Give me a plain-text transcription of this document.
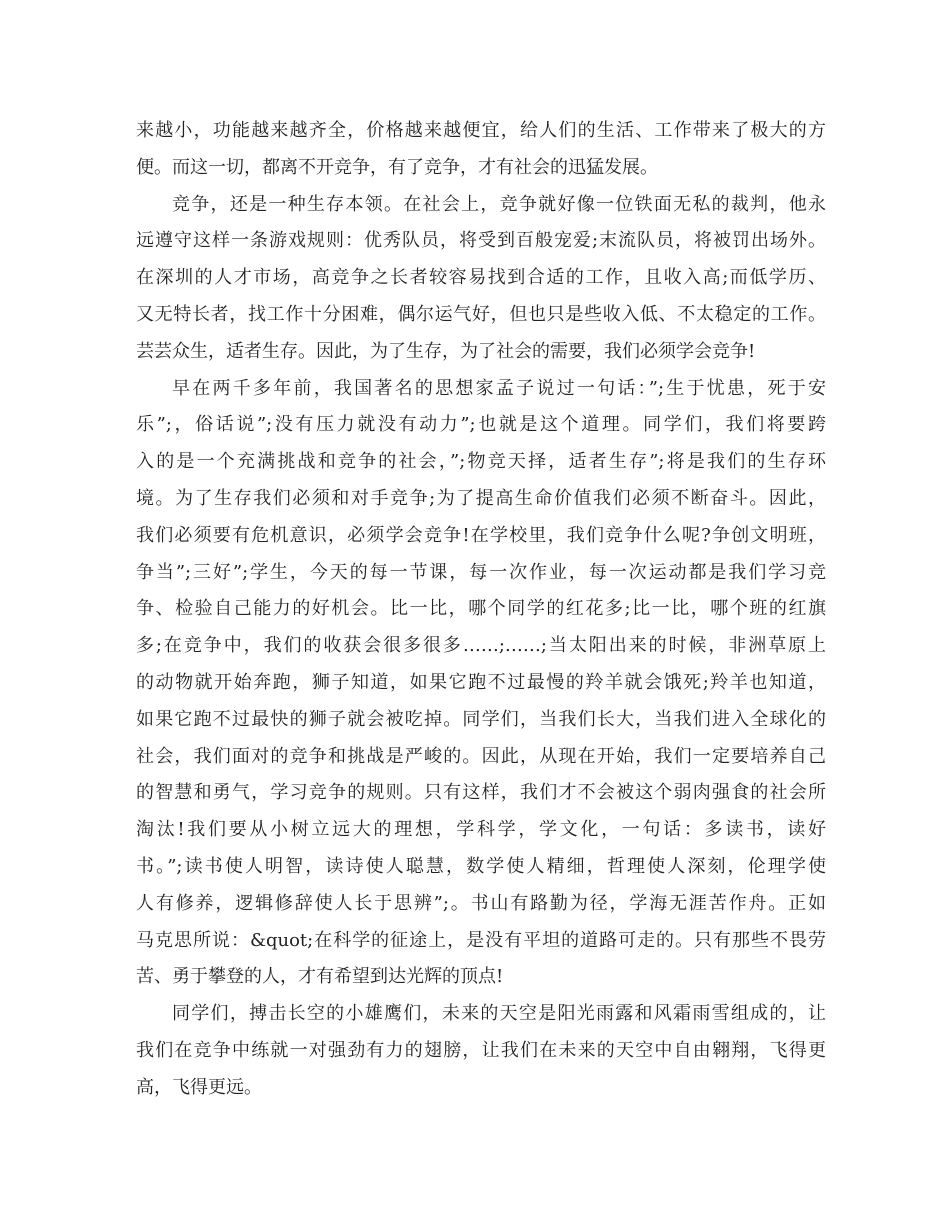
来越小，功能越来越齐全，价格越来越便宜，给人们的生活、工作带来了极大的方
便。而这一切，都离不开竞争，有了竞争，才有社会的迅猛发展。
竞争，还是一种生存本领。在社会上，竞争就好像一位铁面无私的裁判，他永
远遵守这样一条游戏规则：优秀队员，将受到百般宠爱;末流队员，将被罚出场外。
在深圳的人才市场，高竞争之长者较容易找到合适的工作，且收入高;而低学历、
又无特长者，找工作十分困难，偶尔运气好，但也只是些收入低、不太稳定的工作。
芸芸众生，适者生存。因此，为了生存，为了社会的需要，我们必须学会竞争!
早在两千多年前，我国著名的思想家孟子说过一句话：”;生于忧患，死于安
乐”;，俗话说”;没有压力就没有动力”;也就是这个道理。同学们，我们将要跨
入的是一个充满挑战和竞争的社会，”;物竞天择，适者生存”;将是我们的生存环
境。为了生存我们必须和对手竞争;为了提高生命价值我们必须不断奋斗。因此，
我们必须要有危机意识，必须学会竞争!在学校里，我们竞争什么呢?争创文明班，
争当”;三好”;学生，今天的每一节课，每一次作业，每一次运动都是我们学习竞
争、检验自己能力的好机会。比一比，哪个同学的红花多;比一比，哪个班的红旗
多;在竞争中，我们的收获会很多很多……;……;当太阳出来的时候，非洲草原上
的动物就开始奔跑，狮子知道，如果它跑不过最慢的羚羊就会饿死;羚羊也知道，
如果它跑不过最快的狮子就会被吃掉。同学们，当我们长大，当我们进入全球化的
社会，我们面对的竞争和挑战是严峻的。因此，从现在开始，我们一定要培养自己
的智慧和勇气，学习竞争的规则。只有这样，我们才不会被这个弱肉强食的社会所
淘汰!我们要从小树立远大的理想，学科学，学文化，一句话：多读书，读好
书。”;读书使人明智，读诗使人聪慧，数学使人精细，哲理使人深刻，伦理学使
人有修养，逻辑修辞使人长于思辨”;。书山有路勤为径，学海无涯苦作舟。正如
马克思所说：&quot;在科学的征途上，是没有平坦的道路可走的。只有那些不畏劳
苦、勇于攀登的人，才有希望到达光辉的顶点!
同学们，搏击长空的小雄鹰们，未来的天空是阳光雨露和风霜雨雪组成的，让
我们在竞争中练就一对强劲有力的翅膀，让我们在未来的天空中自由翱翔，飞得更
高，飞得更远。
